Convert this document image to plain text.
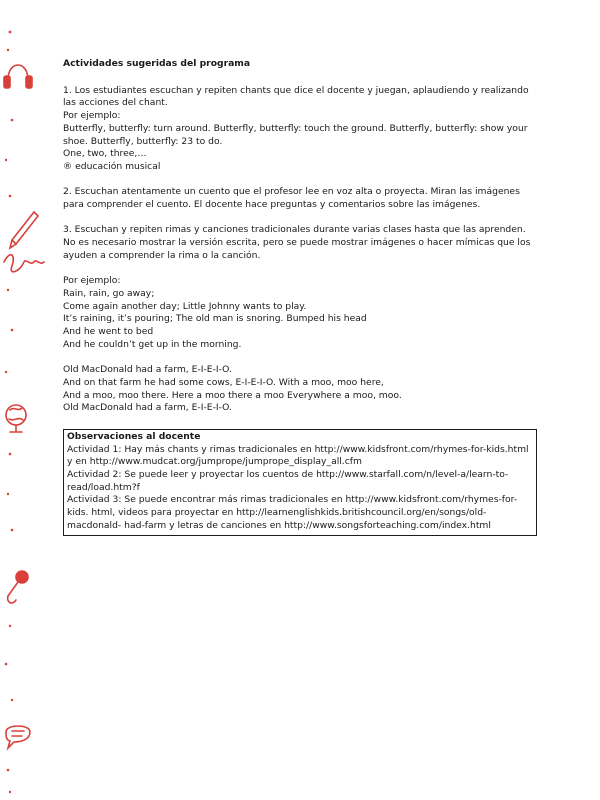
Actividades sugeridas del programa

1. Los estudiantes escuchan y repiten chants que dice el docente y juegan, aplaudiendo y realizando las acciones del chant.

Por ejemplo:

Butterfly, butterfly: turn around. Butterfly, butterfly: touch the ground. Butterfly, butterfly: show your shoe. Butterfly, butterfly: 23 to do.

One, two, three,…

® educación musical

2. Escuchan atentamente un cuento que el profesor lee en voz alta o proyecta. Miran las imágenes para comprender el cuento. El docente hace preguntas y comentarios sobre las imágenes.

3. Escuchan y repiten rimas y canciones tradicionales durante varias clases hasta que las aprenden. No es necesario mostrar la versión escrita, pero se puede mostrar imágenes o hacer mímicas que los ayuden a comprender la rima o la canción.

Por ejemplo:

Rain, rain, go away;

Come again another day; Little Johnny wants to play.

It’s raining, it’s pouring; The old man is snoring. Bumped his head

And he went to bed

And he couldn’t get up in the morning.

Old MacDonald had a farm, E-I-E-I-O.

And on that farm he had some cows, E-I-E-I-O. With a moo, moo here,

And a moo, moo there. Here a moo there a moo Everywhere a moo, moo.

Old MacDonald had a farm, E-I-E-I-O.

Observaciones al docente

Actividad 1: Hay más chants y rimas tradicionales en http://www.kidsfront.com/rhymes-for-kids.html y en http://www.mudcat.org/jumprope/jumprope_display_all.cfm

Actividad 2: Se puede leer y proyectar los cuentos de http://www.starfall.com/n/level-a/learn-to-read/load.htm?f

Actividad 3: Se puede encontrar más rimas tradicionales en http://www.kidsfront.com/rhymes-for-kids. html, videos para proyectar en http://learnenglishkids.britishcouncil.org/en/songs/old-macdonald- had-farm y letras de canciones en http://www.songsforteaching.com/index.html
